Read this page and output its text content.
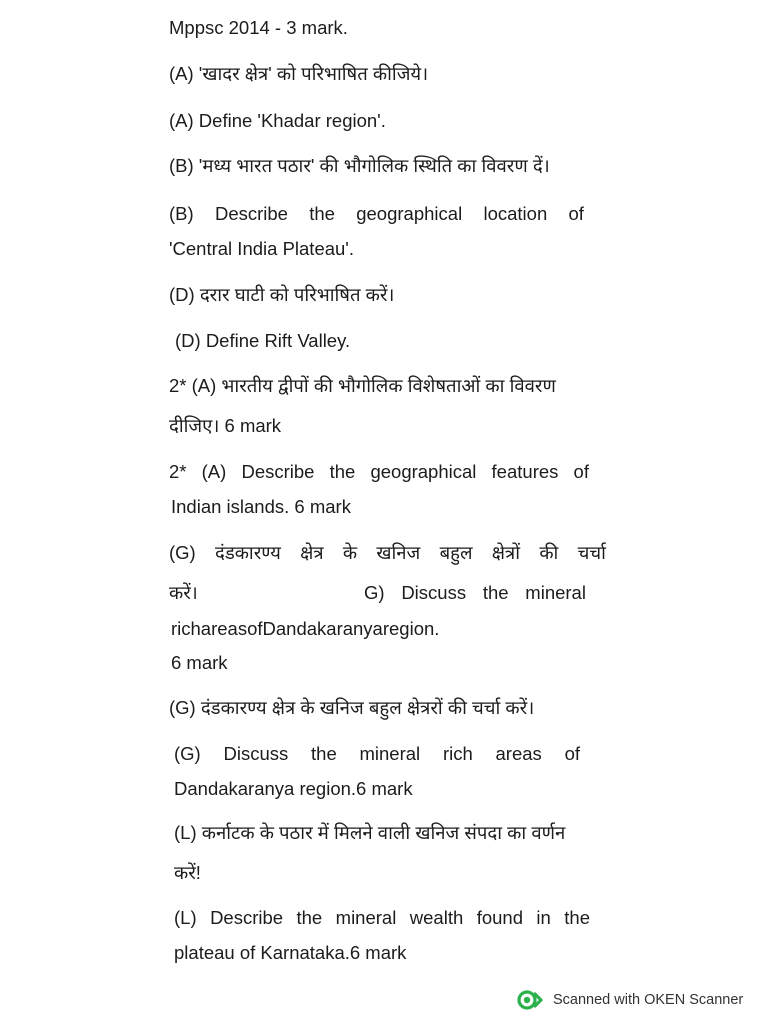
Mppsc 2014 - 3 mark.
(A) 'खादर क्षेत्र' को परिभाषित कीजिये।
(A) Define 'Khadar region'.
(B) 'मध्य भारत पठार' की भौगोलिक स्थिति का विवरण दें।
(B) Describe the geographical location of
'Central India Plateau'.
(D) दरार घाटी को परिभाषित करें।
(D) Define Rift Valley.
2* (A) भारतीय द्वीपों की भौगोलिक विशेषताओं का विवरण
दीजिए। 6 mark
2* (A) Describe the geographical features of
Indian islands. 6 mark
(G) दंडकारण्य क्षेत्र के खनिज बहुल क्षेत्रों की चर्चा
करें।	G) Discuss the mineral
richareasofDandakaranyaregion.
6 mark
(G) दंडकारण्य क्षेत्र के खनिज बहुल क्षेत्ररों की चर्चा करें।
(G) Discuss the mineral rich areas of
Dandakaranya region.6 mark
(L) कर्नाटक के पठार में मिलने वाली खनिज संपदा का वर्णन
करें!
(L) Describe the mineral wealth found in the
plateau of Karnataka.6 mark
Scanned with OKEN Scanner
